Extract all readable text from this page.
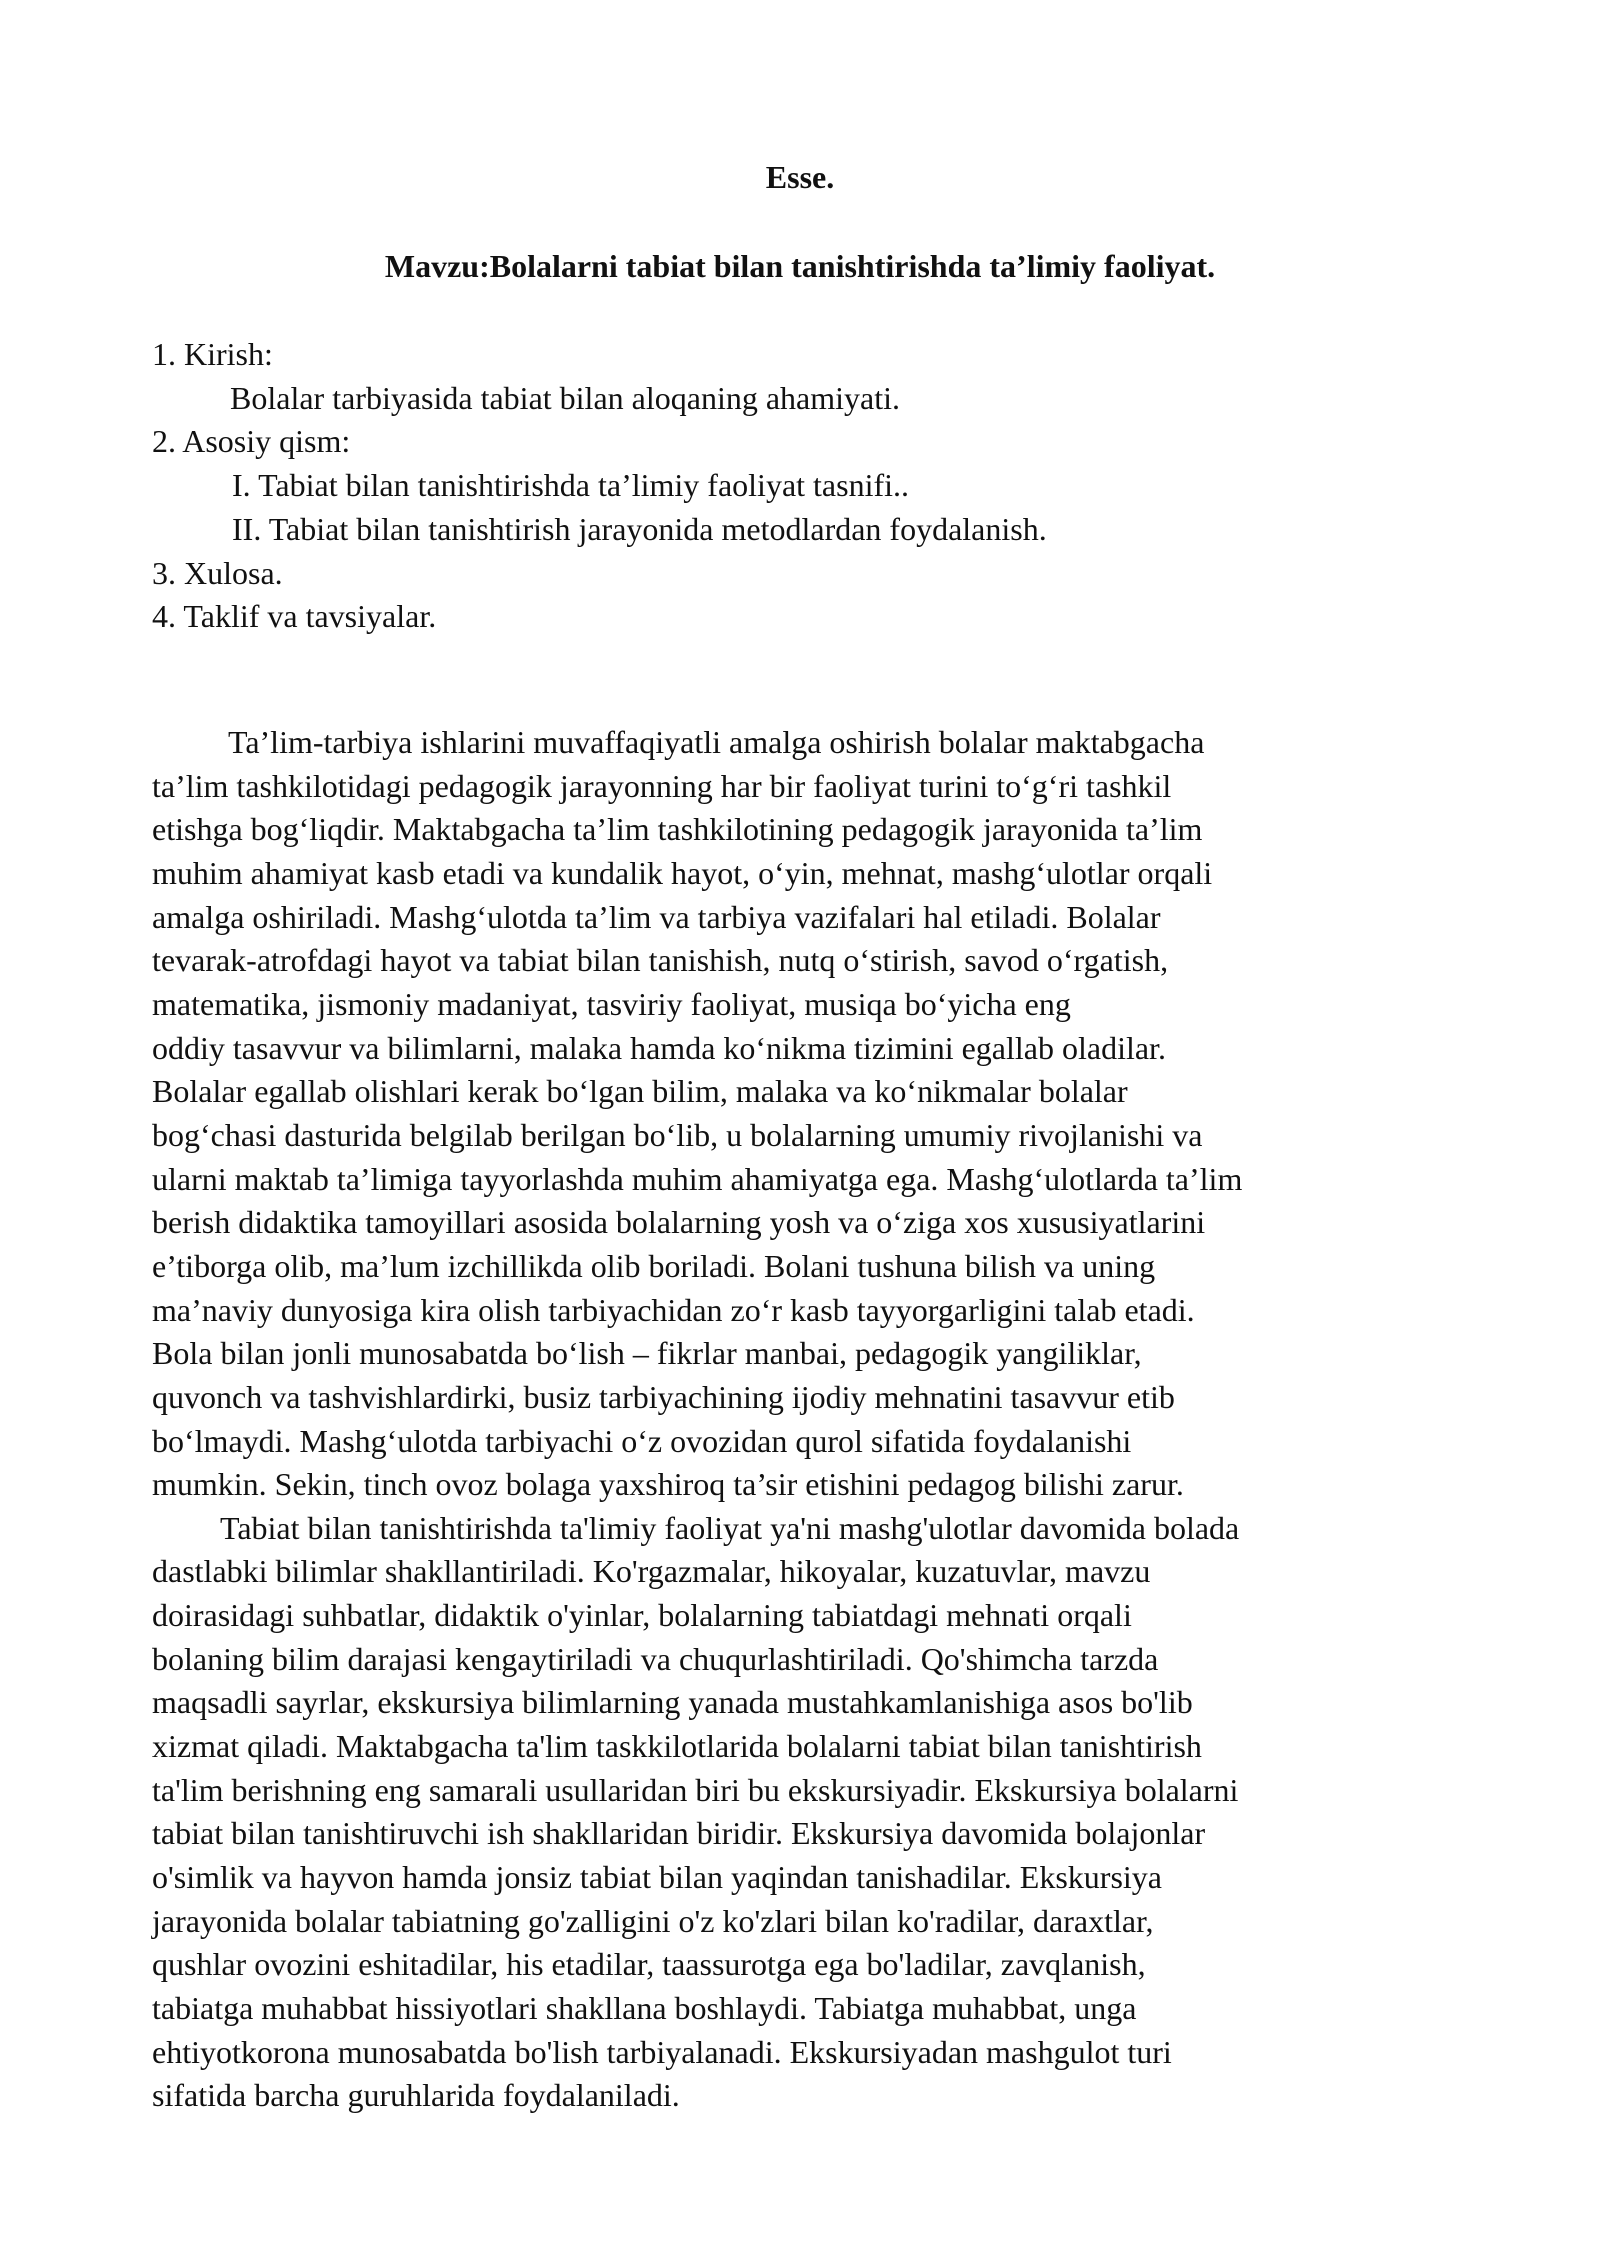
Esse.
Mavzu:Bolalarni tabiat bilan tanishtirishda ta’limiy faoliyat.
1. Kirish:
Bolalar tarbiyasida tabiat bilan aloqaning ahamiyati.
2. Asosiy qism:
I. Tabiat bilan tanishtirishda ta’limiy faoliyat tasnifi..
II. Tabiat bilan tanishtirish jarayonida metodlardan foydalanish.
3. Xulosa.
4. Taklif va tavsiyalar.
Ta’lim-tarbiya ishlarini muvaffaqiyatli amalga oshirish bolalar maktabgacha
ta’lim tashkilotidagi pedagogik jarayonning har bir faoliyat turini to‘g‘ri tashkil
etishga bog‘liqdir. Maktabgacha ta’lim tashkilotining pedagogik jarayonida ta’lim
muhim ahamiyat kasb etadi va kundalik hayot, o‘yin, mehnat, mashg‘ulotlar orqali
amalga oshiriladi. Mashg‘ulotda ta’lim va tarbiya vazifalari hal etiladi. Bolalar
tevarak-atrofdagi hayot va tabiat bilan tanishish, nutq o‘stirish, savod o‘rgatish,
matematika, jismoniy madaniyat, tasviriy faoliyat, musiqa bo‘yicha eng
oddiy tasavvur va bilimlarni, malaka hamda ko‘nikma tizimini egallab oladilar.
Bolalar egallab olishlari kerak bo‘lgan bilim, malaka va ko‘nikmalar bolalar
bog‘chasi dasturida belgilab berilgan bo‘lib, u bolalarning umumiy rivojlanishi va
ularni maktab ta’limiga tayyorlashda muhim ahamiyatga ega. Mashg‘ulotlarda ta’lim
berish didaktika tamoyillari asosida bolalarning yosh va o‘ziga xos xususiyatlarini
e’tiborga olib, ma’lum izchillikda olib boriladi. Bolani tushuna bilish va uning
ma’naviy dunyosiga kira olish tarbiyachidan zo‘r kasb tayyorgarligini talab etadi.
Bola bilan jonli munosabatda bo‘lish – fikrlar manbai, pedagogik yangiliklar,
quvonch va tashvishlardirki, busiz tarbiyachining ijodiy mehnatini tasavvur etib
bo‘lmaydi. Mashg‘ulotda tarbiyachi o‘z ovozidan qurol sifatida foydalanishi
mumkin. Sekin, tinch ovoz bolaga yaxshiroq ta’sir etishini pedagog bilishi zarur.
Tabiat bilan tanishtirishda ta'limiy faoliyat ya'ni mashg'ulotlar davomida bolada
dastlabki bilimlar shakllantiriladi. Ko'rgazmalar, hikoyalar, kuzatuvlar, mavzu
doirasidagi suhbatlar, didaktik o'yinlar, bolalarning tabiatdagi mehnati orqali
bolaning bilim darajasi kengaytiriladi va chuqurlashtiriladi. Qo'shimcha tarzda
maqsadli sayrlar, ekskursiya bilimlarning yanada mustahkamlanishiga asos bo'lib
xizmat qiladi. Maktabgacha ta'lim taskkilotlarida bolalarni tabiat bilan tanishtirish
ta'lim berishning eng samarali usullaridan biri bu ekskursiyadir. Ekskursiya bolalarni
tabiat bilan tanishtiruvchi ish shakllaridan biridir. Ekskursiya davomida bolajonlar
o'simlik va hayvon hamda jonsiz tabiat bilan yaqindan tanishadilar. Ekskursiya
jarayonida bolalar tabiatning go'zalligini o'z ko'zlari bilan ko'radilar, daraxtlar,
qushlar ovozini eshitadilar, his etadilar, taassurotga ega bo'ladilar, zavqlanish,
tabiatga muhabbat hissiyotlari shakllana boshlaydi. Tabiatga muhabbat, unga
ehtiyotkorona munosabatda bo'lish tarbiyalanadi. Ekskursiyadan mashgulot turi
sifatida barcha guruhlarida foydalaniladi.
